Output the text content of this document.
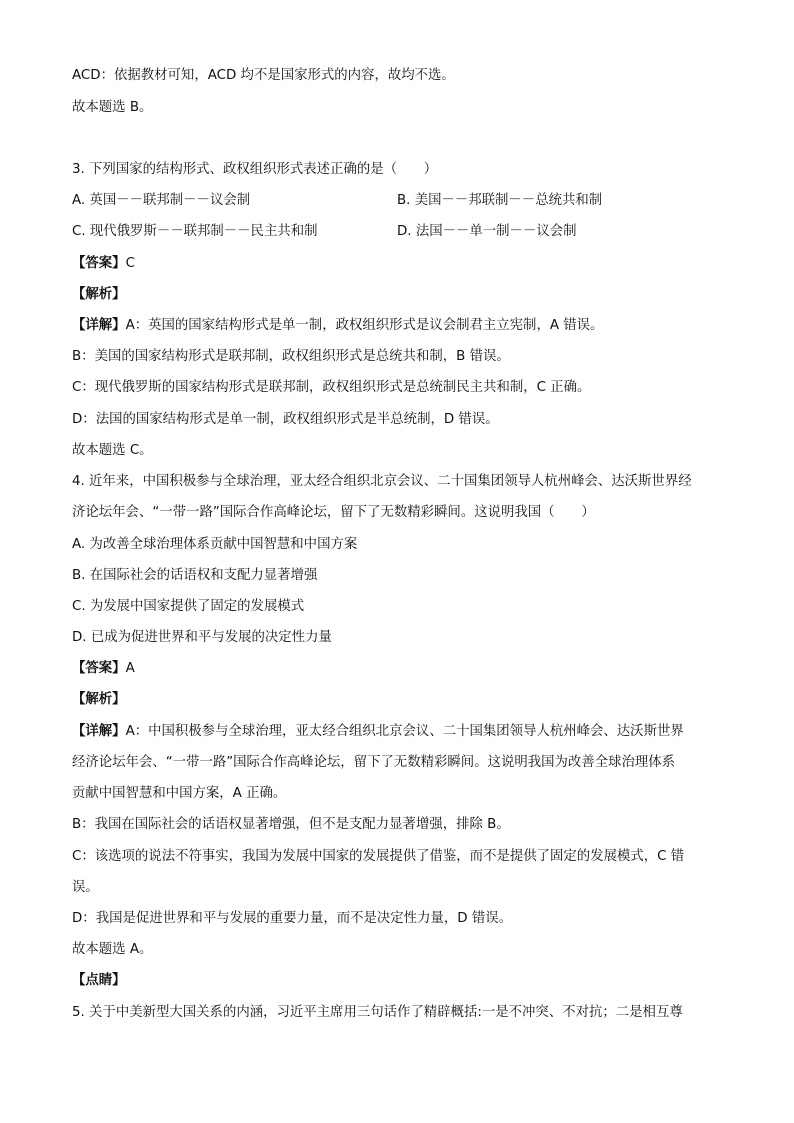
ACD：依据教材可知，ACD 均不是国家形式的内容，故均不选。
故本题选 B。
3. 下列国家的结构形式、政权组织形式表述正确的是（　　）
A. 英国－－联邦制－－议会制	B. 美国－－邦联制－－总统共和制
C. 现代俄罗斯－－联邦制－－民主共和制	D. 法国－－单一制－－议会制
【答案】C
【解析】
【详解】A：英国的国家结构形式是单一制，政权组织形式是议会制君主立宪制，A 错误。
B：美国的国家结构形式是联邦制，政权组织形式是总统共和制，B 错误。
C：现代俄罗斯的国家结构形式是联邦制，政权组织形式是总统制民主共和制，C 正确。
D：法国的国家结构形式是单一制，政权组织形式是半总统制，D 错误。
故本题选 C。
4. 近年来，中国积极参与全球治理，亚太经合组织北京会议、二十国集团领导人杭州峰会、达沃斯世界经
济论坛年会、“一带一路”国际合作高峰论坛，留下了无数精彩瞬间。这说明我国（　　）
A. 为改善全球治理体系贡献中国智慧和中国方案
B. 在国际社会的话语权和支配力显著增强
C. 为发展中国家提供了固定的发展模式
D. 已成为促进世界和平与发展的决定性力量
【答案】A
【解析】
【详解】A：中国积极参与全球治理，亚太经合组织北京会议、二十国集团领导人杭州峰会、达沃斯世界
经济论坛年会、“一带一路”国际合作高峰论坛，留下了无数精彩瞬间。这说明我国为改善全球治理体系
贡献中国智慧和中国方案，A 正确。
B：我国在国际社会的话语权显著增强，但不是支配力显著增强，排除 B。
C：该选项的说法不符事实，我国为发展中国家的发展提供了借鉴，而不是提供了固定的发展模式，C 错
误。
D：我国是促进世界和平与发展的重要力量，而不是决定性力量，D 错误。
故本题选 A。
【点睛】
5. 关于中美新型大国关系的内涵，习近平主席用三句话作了精辟概括:一是不冲突、不对抗；二是相互尊
